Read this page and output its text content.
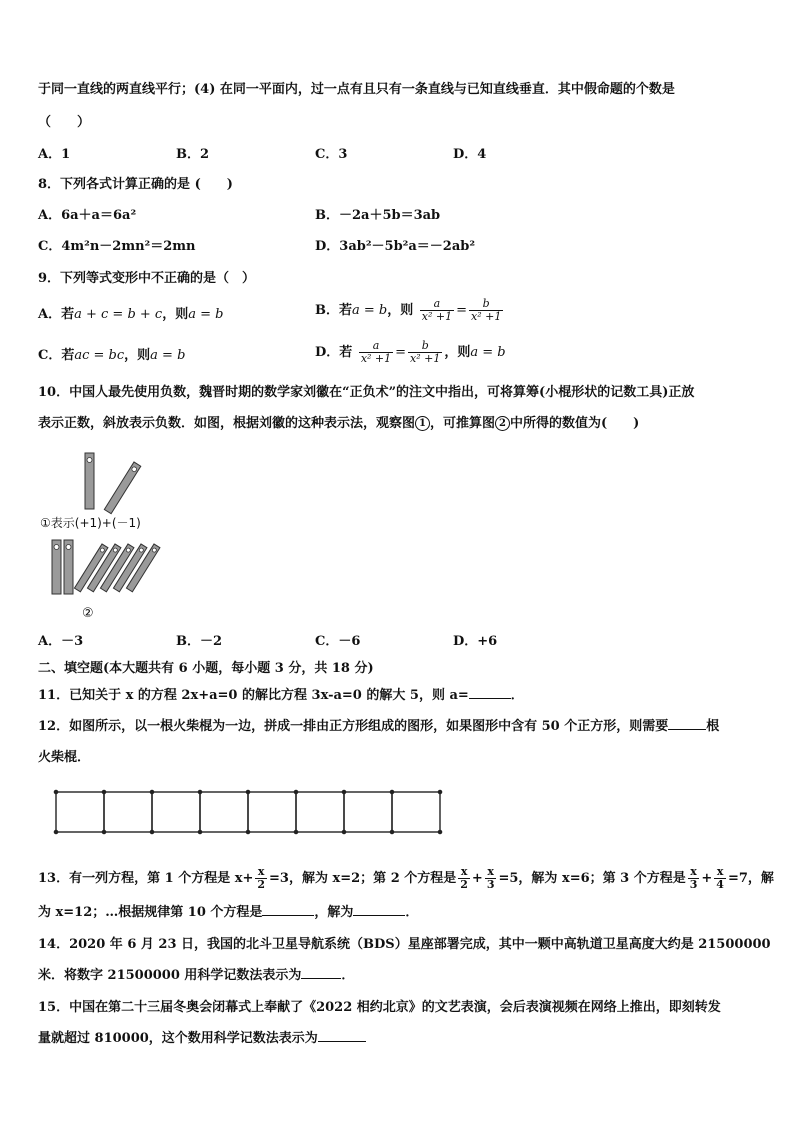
于同一直线的两直线平行；(4) 在同一平面内，过一点有且只有一条直线与已知直线垂直．其中假命题的个数是
（　　）
A．1	B．2	C．3	D．4
8．下列各式计算正确的是 (　　)
A．6a＋a＝6a²	B．－2a＋5b＝3ab
C．4m²n－2mn²＝2mn	D．3ab²－5b²a＝－2ab²
9．下列等式变形中不正确的是（　）
A．若a + c = b + c，则a = b	B．若a = b，则 $\frac{a}{\text{x² +1}} = \frac{b}{\text{x² +1}}$
C．若ac = bc，则a = b	D．若 $\frac{a}{\text{x² +1}} = \frac{b}{\text{x² +1}}$ ，则a = b
10．中国人最先使用负数，魏晋时期的数学家刘徽在“正负术”的注文中指出，可将算筹(小棍形状的记数工具)正放
表示正数，斜放表示负数．如图，根据刘徽的这种表示法，观察图 1 ，可推算图 2 中所得的数值为(　　)
①表示(+1)+(－1)
②
A．－3	B．－2	C．－6	D．+6
二、填空题(本大题共有 6 小题，每小题 3 分，共 18 分)
11．已知关于 x 的方程 2x+a=0 的解比方程 3x-a=0 的解大 5，则 a=	．
12．如图所示，以一根火柴棍为一边，拼成一排由正方形组成的图形，如果图形中含有 50 个正方形，则需要	根
火柴棍．
13．有一列方程，第 1 个方程是 $x+ \frac{x}{2} =3$，解为 x=2；第 2 个方程是 $\frac{x}{2} + \frac{x}{3} =5$，解为 x=6；第 3 个方程是 $\frac{x}{3} + \frac{x}{4} =7$，解
为 x=12；…根据规律第 10 个方程是	，解为	．
14．2020 年 6 月 23 日，我国的北斗卫星导航系统（BDS）星座部署完成，其中一颗中高轨道卫星高度大约是 21500000
米．将数字 21500000 用科学记数法表示为	．
15．中国在第二十三届冬奥会闭幕式上奉献了《2022 相约北京》的文艺表演，会后表演视频在网络上推出，即刻转发
量就超过 810000，这个数用科学记数法表示为
